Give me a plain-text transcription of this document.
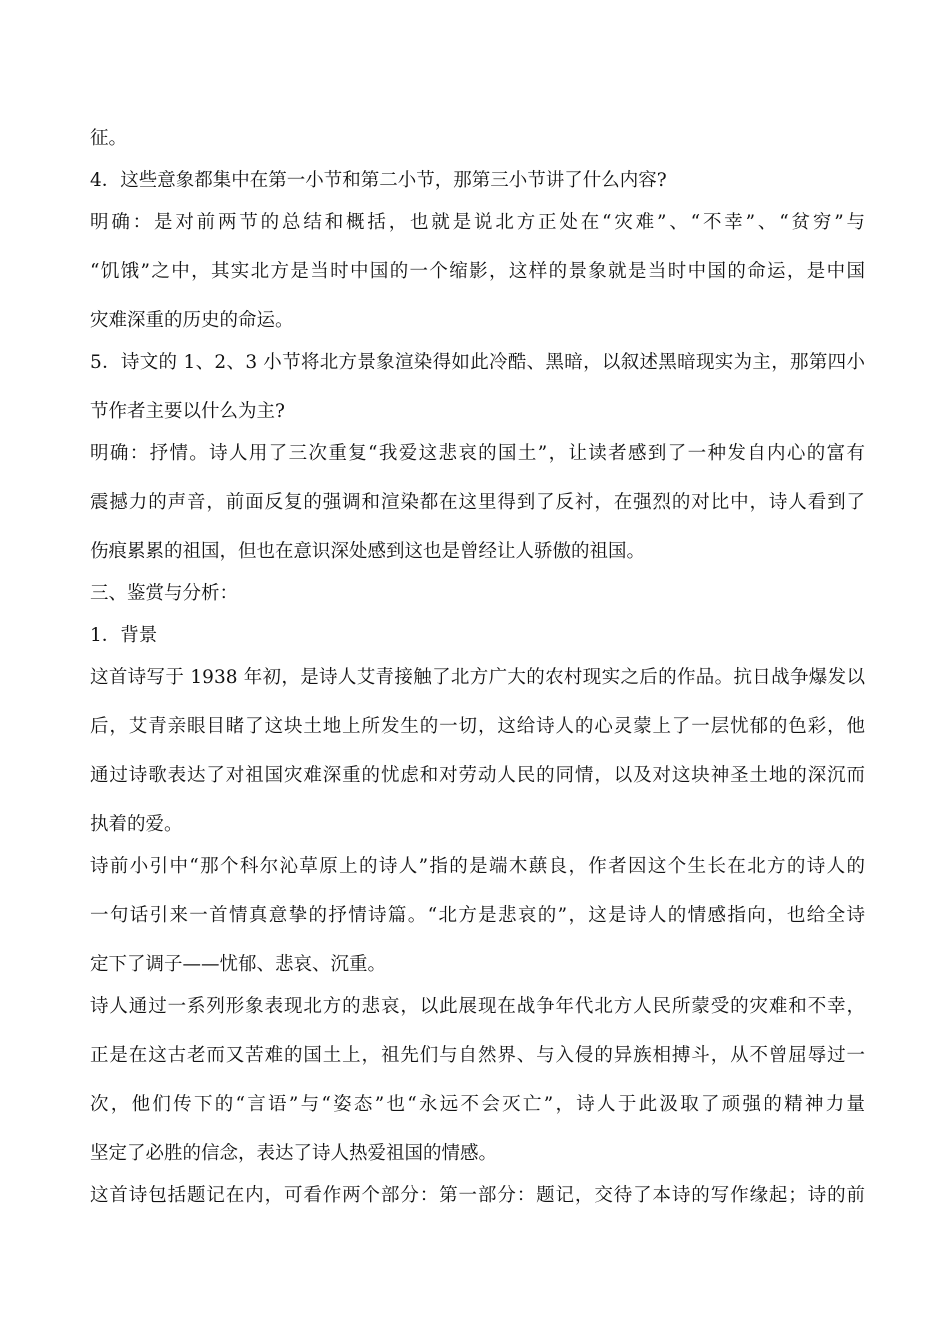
征。
4．这些意象都集中在第一小节和第二小节，那第三小节讲了什么内容?
明确：是对前两节的总结和概括，也就是说北方正处在“灾难”、“不幸”、“贫穷”与
“饥饿”之中，其实北方是当时中国的一个缩影，这样的景象就是当时中国的命运，是中国
灾难深重的历史的命运。
5．诗文的 1、2、3 小节将北方景象渲染得如此冷酷、黑暗，以叙述黑暗现实为主，那第四小
节作者主要以什么为主?
明确：抒情。诗人用了三次重复“我爱这悲哀的国土”，让读者感到了一种发自内心的富有
震撼力的声音，前面反复的强调和渲染都在这里得到了反衬，在强烈的对比中，诗人看到了
伤痕累累的祖国，但也在意识深处感到这也是曾经让人骄傲的祖国。
三、鉴赏与分析：
1．背景
这首诗写于 1938 年初，是诗人艾青接触了北方广大的农村现实之后的作品。抗日战争爆发以
后，艾青亲眼目睹了这块土地上所发生的一切，这给诗人的心灵蒙上了一层忧郁的色彩，他
通过诗歌表达了对祖国灾难深重的忧虑和对劳动人民的同情，以及对这块神圣土地的深沉而
执着的爱。
诗前小引中“那个科尔沁草原上的诗人”指的是端木蕻良，作者因这个生长在北方的诗人的
一句话引来一首情真意挚的抒情诗篇。“北方是悲哀的”，这是诗人的情感指向，也给全诗
定下了调子——忧郁、悲哀、沉重。
诗人通过一系列形象表现北方的悲哀，以此展现在战争年代北方人民所蒙受的灾难和不幸，
正是在这古老而又苦难的国土上，祖先们与自然界、与入侵的异族相搏斗，从不曾屈辱过一
次，他们传下的“言语”与“姿态”也“永远不会灭亡”，诗人于此汲取了顽强的精神力量
坚定了必胜的信念，表达了诗人热爱祖国的情感。
这首诗包括题记在内，可看作两个部分：第一部分：题记，交待了本诗的写作缘起；诗的前
